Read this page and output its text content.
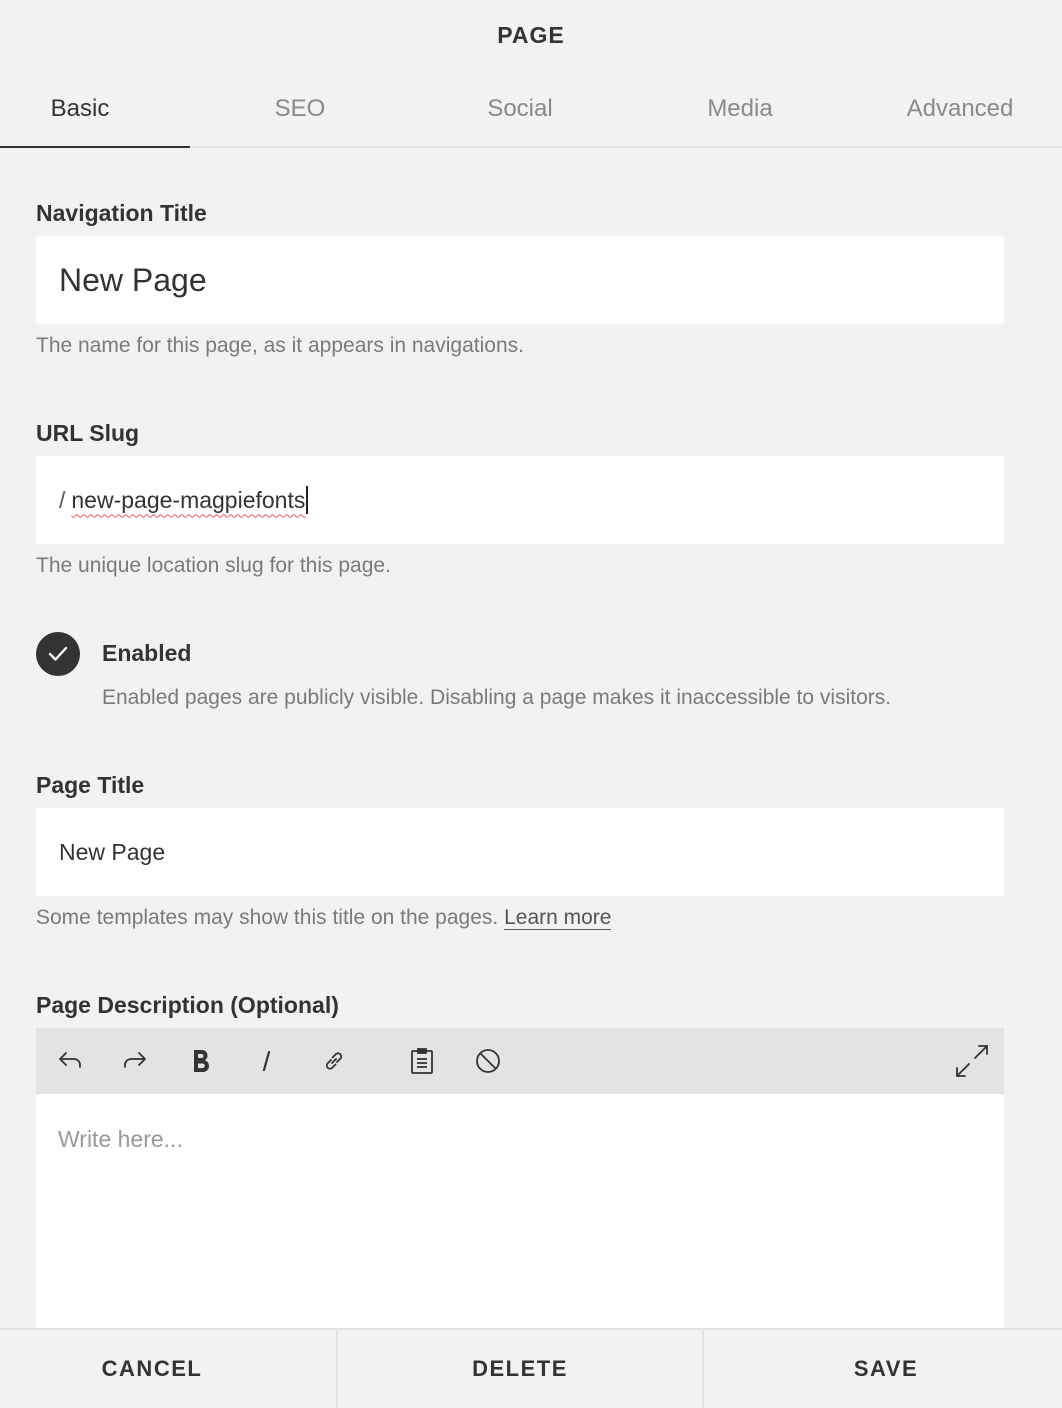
PAGE
Basic	SEO	Social	Media	Advanced
Navigation Title
New Page
The name for this page, as it appears in navigations.
URL Slug
/ new-page-magpiefonts
The unique location slug for this page.
Enabled
Enabled pages are publicly visible. Disabling a page makes it inaccessible to visitors.
Page Title
New Page
Some templates may show this title on the pages. Learn more
Page Description (Optional)
Write here...
CANCEL	DELETE	SAVE
